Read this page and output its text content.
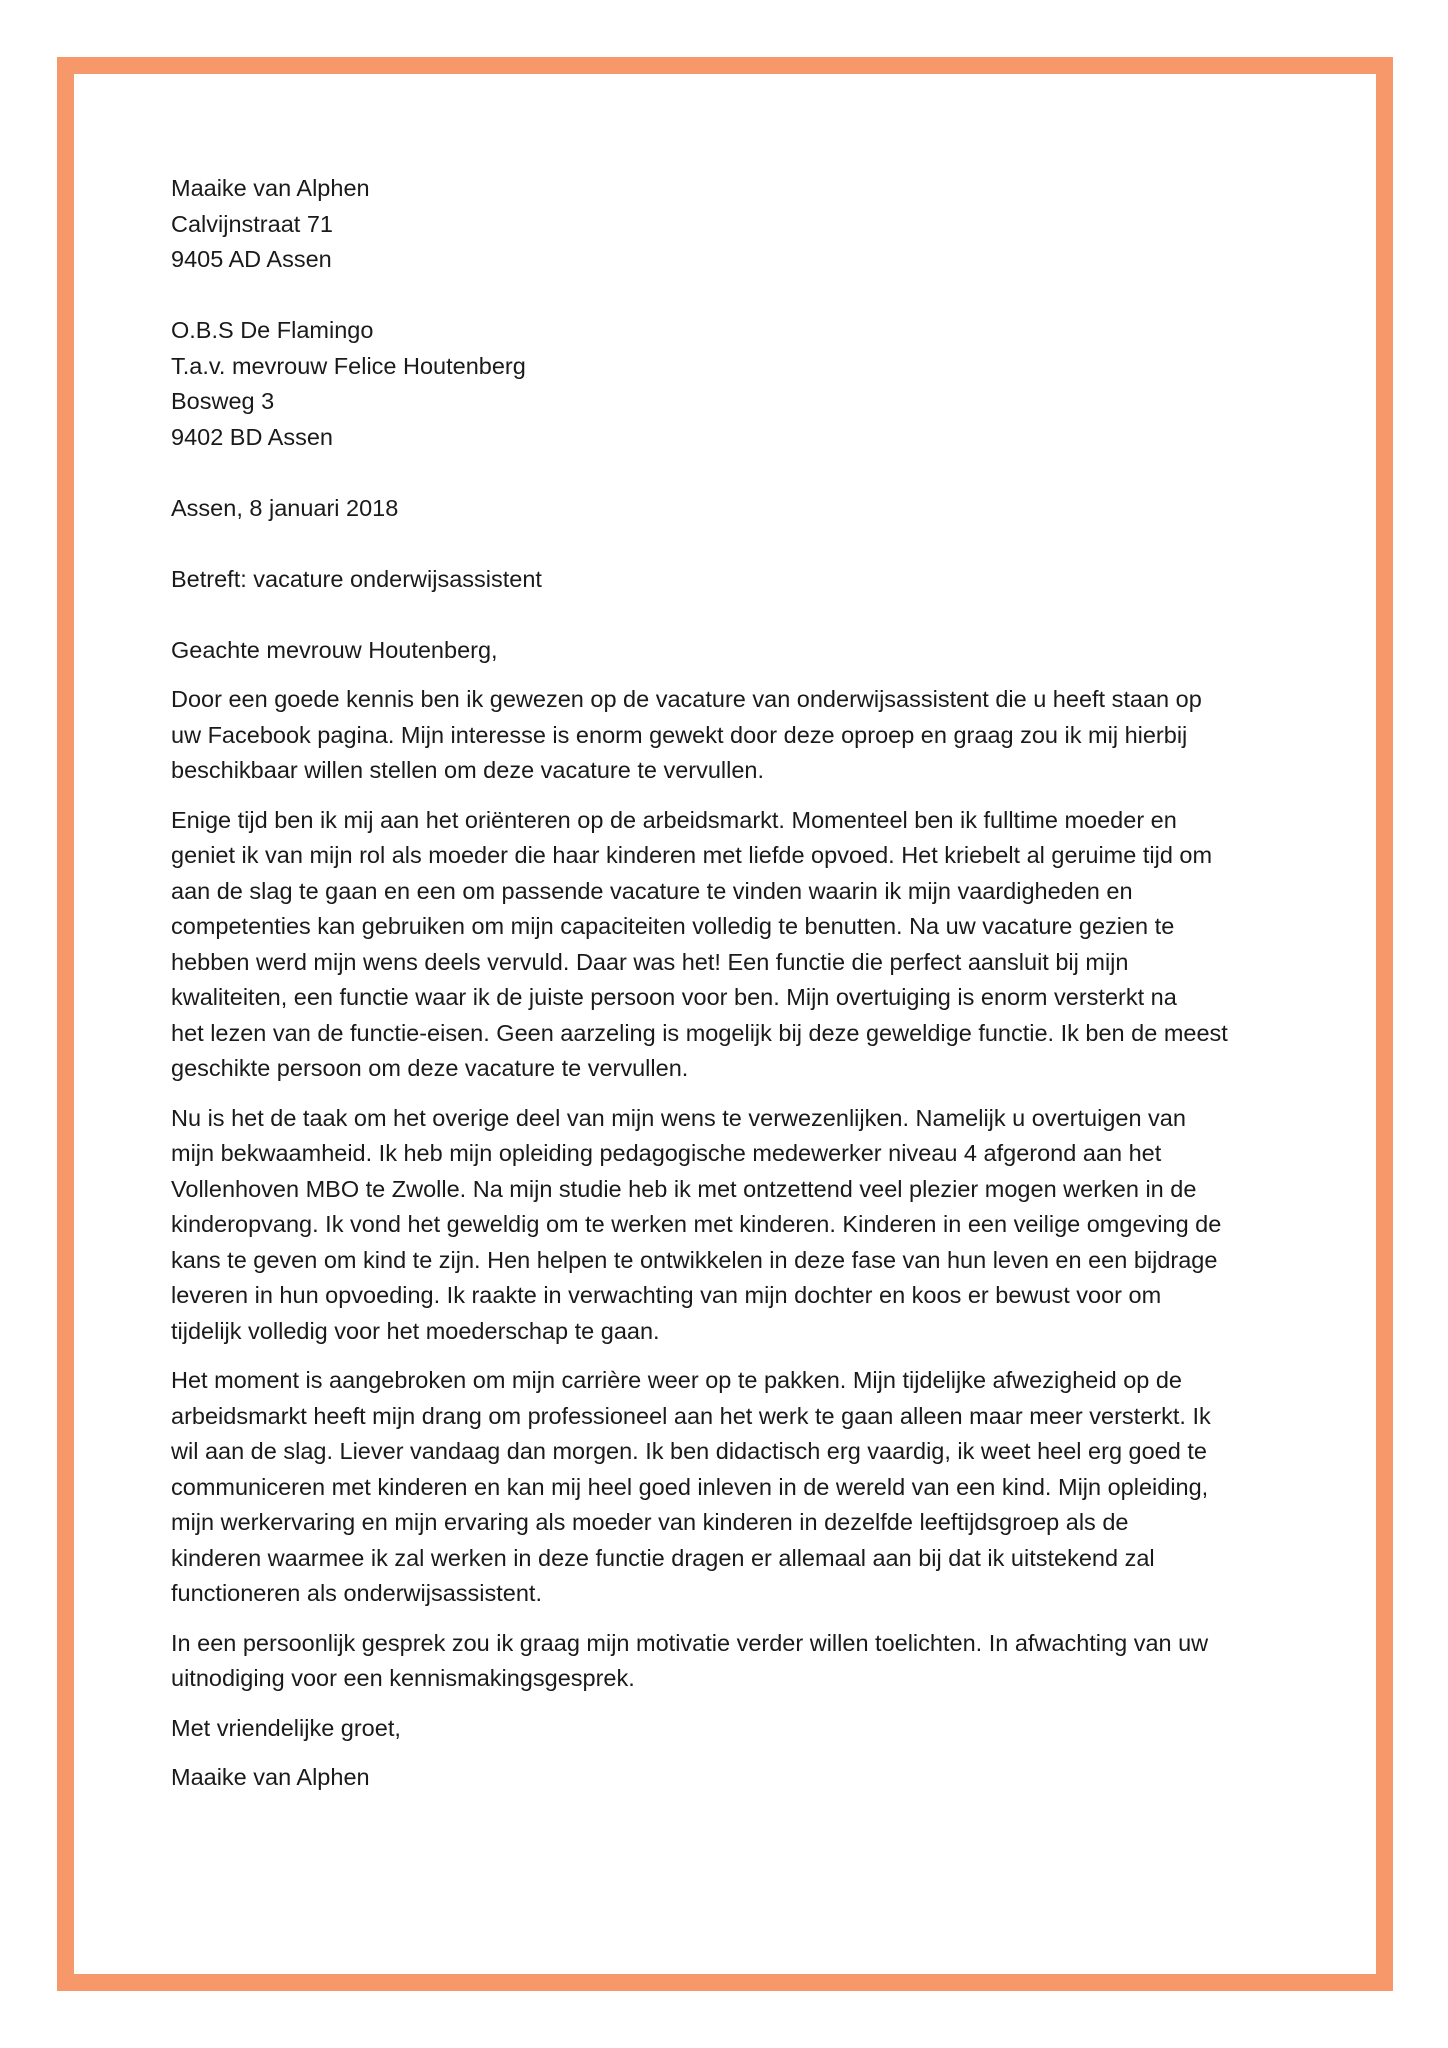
Maaike van Alphen
Calvijnstraat 71
9405 AD Assen
O.B.S De Flamingo
T.a.v. mevrouw Felice Houtenberg
Bosweg 3
9402 BD Assen
Assen, 8 januari 2018
Betreft: vacature onderwijsassistent
Geachte mevrouw Houtenberg,
Door een goede kennis ben ik gewezen op de vacature van onderwijsassistent die u heeft staan op
uw Facebook pagina. Mijn interesse is enorm gewekt door deze oproep en graag zou ik mij hierbij
beschikbaar willen stellen om deze vacature te vervullen.
Enige tijd ben ik mij aan het oriënteren op de arbeidsmarkt. Momenteel ben ik fulltime moeder en
geniet ik van mijn rol als moeder die haar kinderen met liefde opvoed. Het kriebelt al geruime tijd om
aan de slag te gaan en een om passende vacature te vinden waarin ik mijn vaardigheden en
competenties kan gebruiken om mijn capaciteiten volledig te benutten. Na uw vacature gezien te
hebben werd mijn wens deels vervuld. Daar was het! Een functie die perfect aansluit bij mijn
kwaliteiten, een functie waar ik de juiste persoon voor ben. Mijn overtuiging is enorm versterkt na
het lezen van de functie-eisen. Geen aarzeling is mogelijk bij deze geweldige functie. Ik ben de meest
geschikte persoon om deze vacature te vervullen.
Nu is het de taak om het overige deel van mijn wens te verwezenlijken. Namelijk u overtuigen van
mijn bekwaamheid. Ik heb mijn opleiding pedagogische medewerker niveau 4 afgerond aan het
Vollenhoven MBO te Zwolle. Na mijn studie heb ik met ontzettend veel plezier mogen werken in de
kinderopvang. Ik vond het geweldig om te werken met kinderen. Kinderen in een veilige omgeving de
kans te geven om kind te zijn. Hen helpen te ontwikkelen in deze fase van hun leven en een bijdrage
leveren in hun opvoeding. Ik raakte in verwachting van mijn dochter en koos er bewust voor om
tijdelijk volledig voor het moederschap te gaan.
Het moment is aangebroken om mijn carrière weer op te pakken. Mijn tijdelijke afwezigheid op de
arbeidsmarkt heeft mijn drang om professioneel aan het werk te gaan alleen maar meer versterkt. Ik
wil aan de slag. Liever vandaag dan morgen. Ik ben didactisch erg vaardig, ik weet heel erg goed te
communiceren met kinderen en kan mij heel goed inleven in de wereld van een kind. Mijn opleiding,
mijn werkervaring en mijn ervaring als moeder van kinderen in dezelfde leeftijdsgroep als de
kinderen waarmee ik zal werken in deze functie dragen er allemaal aan bij dat ik uitstekend zal
functioneren als onderwijsassistent.
In een persoonlijk gesprek zou ik graag mijn motivatie verder willen toelichten. In afwachting van uw
uitnodiging voor een kennismakingsgesprek.
Met vriendelijke groet,
Maaike van Alphen
